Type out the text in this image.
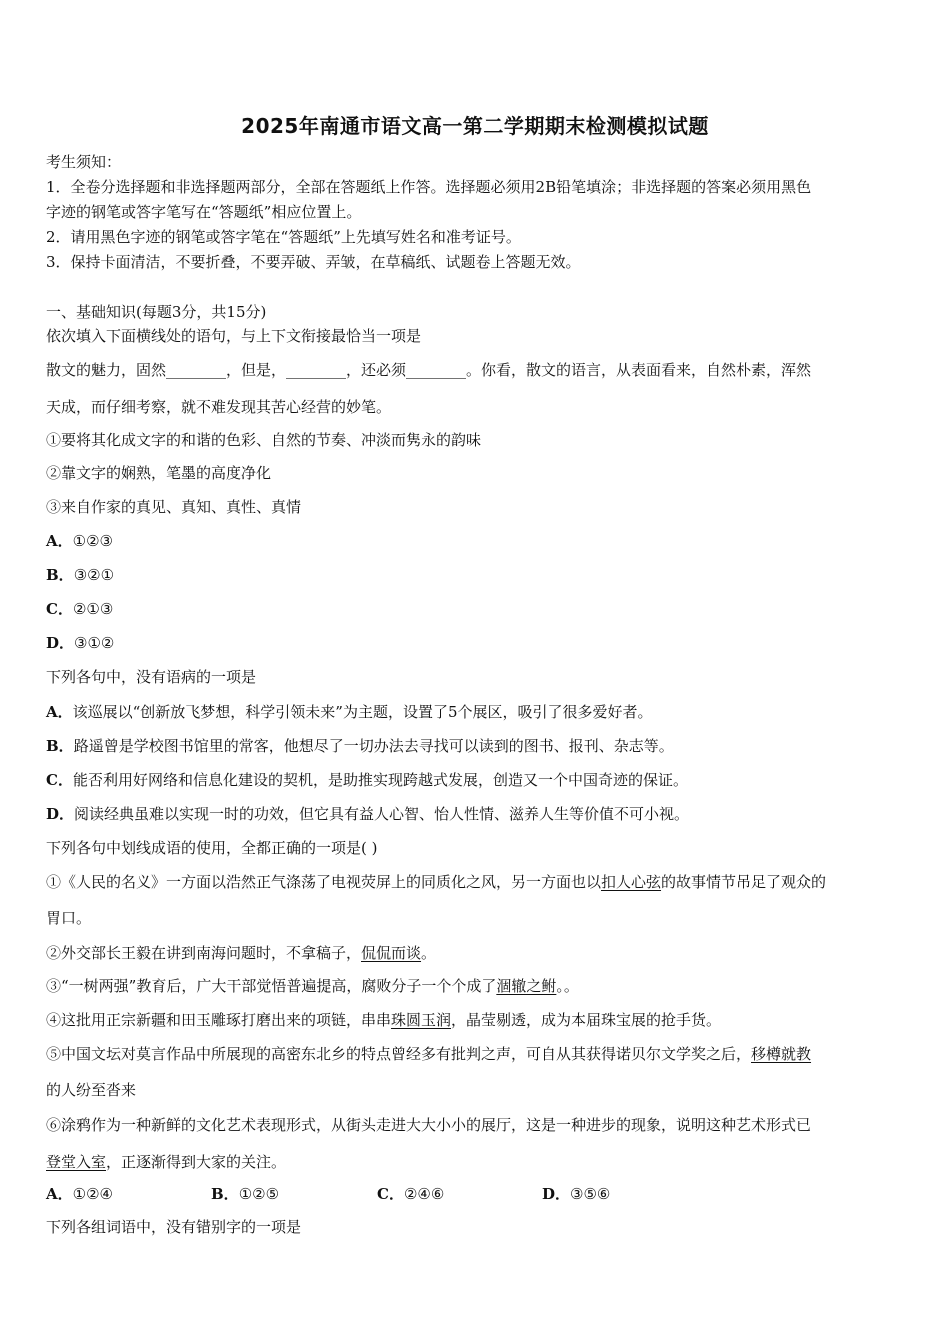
2025年南通市语文高一第二学期期末检测模拟试题
考生须知：
1．全卷分选择题和非选择题两部分，全部在答题纸上作答。选择题必须用2B铅笔填涂；非选择题的答案必须用黑色
字迹的钢笔或答字笔写在“答题纸”相应位置上。
2．请用黑色字迹的钢笔或答字笔在“答题纸”上先填写姓名和准考证号。
3．保持卡面清洁，不要折叠，不要弄破、弄皱，在草稿纸、试题卷上答题无效。
一、基础知识(每题3分，共15分)
依次填入下面横线处的语句，与上下文衔接最恰当一项是
散文的魅力，固然________，但是，________，还必须________。你看，散文的语言，从表面看来，自然朴素，浑然
天成，而仔细考察，就不难发现其苦心经营的妙笔。
①要将其化成文字的和谐的色彩、自然的节奏、冲淡而隽永的韵味
②靠文字的娴熟，笔墨的高度净化
③来自作家的真见、真知、真性、真情
A．①②③
B．③②①
C．②①③
D．③①②
下列各句中，没有语病的一项是
A．该巡展以“创新放飞梦想，科学引领未来”为主题，设置了5个展区，吸引了很多爱好者。
B．路遥曾是学校图书馆里的常客，他想尽了一切办法去寻找可以读到的图书、报刊、杂志等。
C．能否利用好网络和信息化建设的契机，是助推实现跨越式发展，创造又一个中国奇迹的保证。
D．阅读经典虽难以实现一时的功效，但它具有益人心智、怡人性情、滋养人生等价值不可小视。
下列各句中划线成语的使用，全都正确的一项是( )
①《人民的名义》一方面以浩然正气涤荡了电视荧屏上的同质化之风，另一方面也以扣人心弦的故事情节吊足了观众的
胃口。
②外交部长王毅在讲到南海问题时，不拿稿子，侃侃而谈。
③“一树两强”教育后，广大干部觉悟普遍提高，腐败分子一个个成了涸辙之鲋。。
④这批用正宗新疆和田玉雕琢打磨出来的项链，串串珠圆玉润，晶莹剔透，成为本届珠宝展的抢手货。
⑤中国文坛对莫言作品中所展现的高密东北乡的特点曾经多有批判之声，可自从其获得诺贝尔文学奖之后，移樽就教
的人纷至沓来
⑥涂鸦作为一种新鲜的文化艺术表现形式，从街头走进大大小小的展厅，这是一种进步的现象，说明这种艺术形式已
登堂入室，正逐渐得到大家的关注。
A．①②④	B．①②⑤	C．②④⑥	D．③⑤⑥
下列各组词语中，没有错别字的一项是
